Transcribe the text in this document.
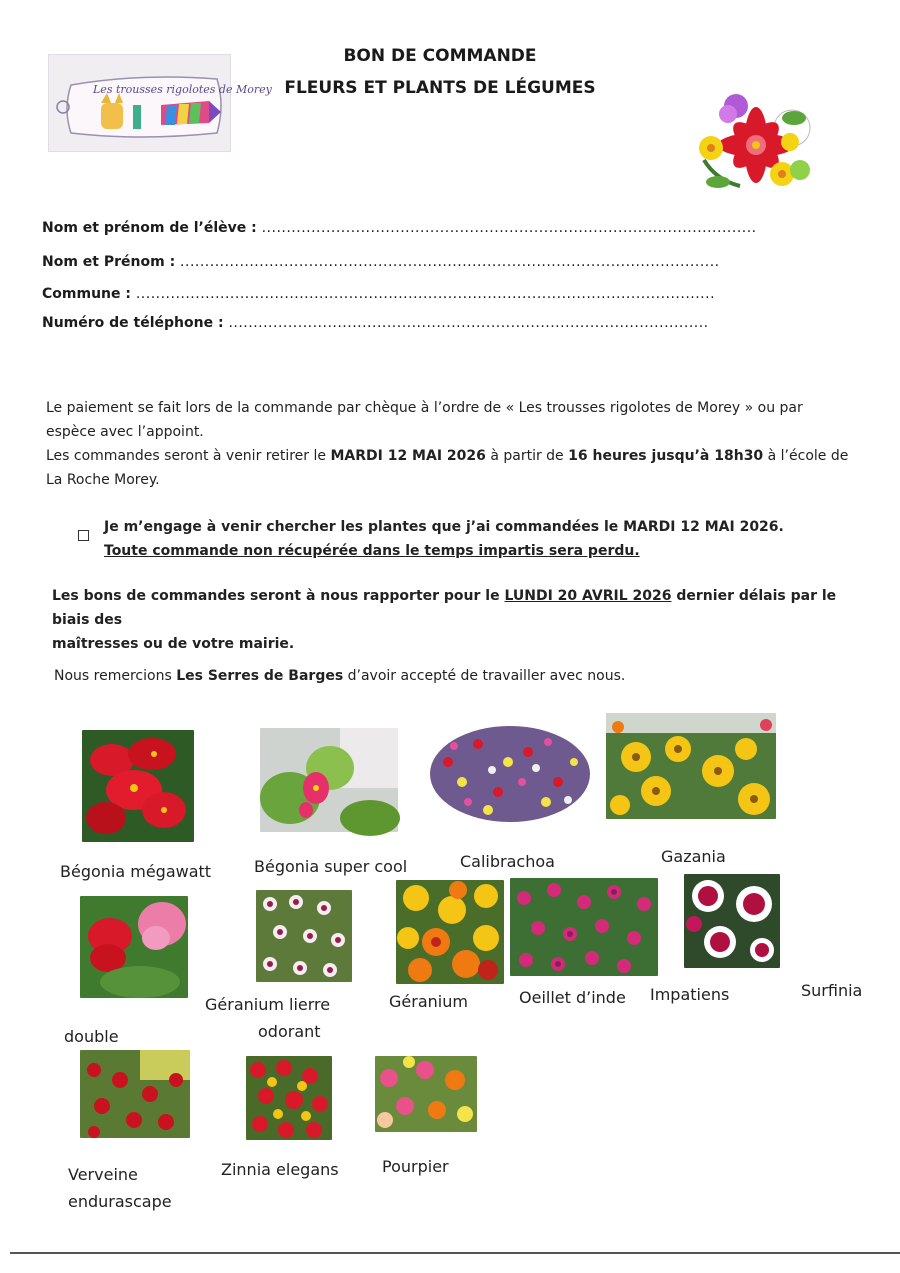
BON DE COMMANDE
FLEURS ET PLANTS DE LÉGUMES
Les trousses rigolotes de Morey
Nom et prénom de l’élève : ....................................................................................................
Nom et Prénom : .............................................................................................................
Commune : .....................................................................................................................
Numéro de téléphone : .................................................................................................
Le paiement se fait lors de la commande par chèque à l’ordre de « Les trousses rigolotes de Morey » ou par
espèce avec l’appoint.
Les commandes seront à venir retirer le MARDI 12 MAI 2026 à partir de 16 heures jusqu’à 18h30 à l’école de
La Roche Morey.
Je m’engage à venir chercher les plantes que j’ai commandées le MARDI 12 MAI 2026.
Toute commande non récupérée dans le temps impartis sera perdu.
Les bons de commandes seront à nous rapporter pour le LUNDI 20 AVRIL 2026 dernier délais par le biais des
maîtresses ou de votre mairie.
Nous remercions Les Serres de Barges d’avoir accepté de travailler avec nous.
Bégonia mégawatt	Bégonia super cool	Calibrachoa	Gazania
Géranium lierre
odorant
Géranium	Oeillet d’inde Impatiens	Surfinia
double
Verveine
endurascape
Zinnia elegans	Pourpier
